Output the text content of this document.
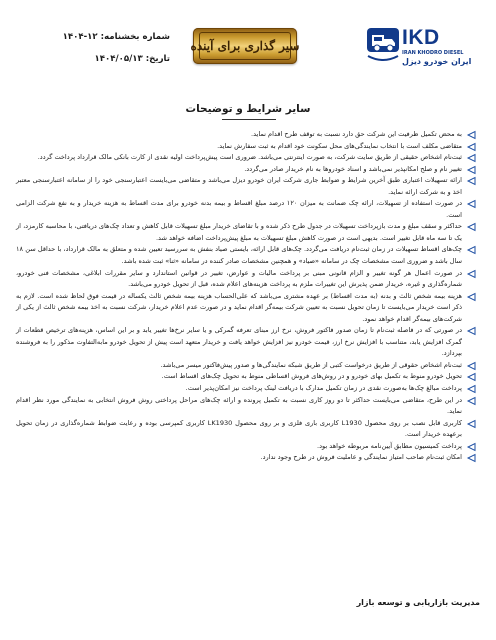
شماره بخشنامه: ۱۲-۱۴۰۴
تاریخ: ۱۴۰۴/۰۵/۱۳
سیر گذاری برای آینده	IKD
IRAN KHODRO DIESEL
ایران خودرو دیزل
سایر شرایط و توضیحات
به محض تکمیل ظرفیت این شرکت حق دارد نسبت به توقف طرح اقدام نماید.
متقاضی مکلف است با انتخاب نمایندگی‌های محل سکونت خود اقدام به ثبت سفارش نماید.
ثبت‌نام اشخاص حقیقی از طریق سایت شرکت، به صورت اینترنتی می‌باشد. ضروری است پیش‌پرداخت اولیه نقدی از کارت بانکی مالک قرارداد پرداخت گردد.
تغییر نام و صلح امکانپذیر نمی‌باشد و اسناد خودروها به نام خریدار صادر می‌گردد.
ارائه تسهیلات اعتباری طبق آخرین شرایط و ضوابط جاری شرکت ایران خودرو دیزل می‌باشد و متقاضی می‌بایست اعتبارسنجی خود را از سامانه اعتبارسنجی معتبر اخذ و به شرکت ارائه نماید.
در صورت استفاده از تسهیلات، ارائه چک ضمانت به میزان ۱۲۰ درصد مبلغ اقساط و بیمه بدنه خودرو برای مدت اقساط به هزینه خریدار و به نفع شرکت الزامی است.
حداکثر و سقف مبلغ و مدت بازپرداخت تسهیلات در جدول طرح ذکر شده و با تقاضای خریدار مبلغ تسهیلات قابل کاهش و تعداد چک‌های دریافتی، با محاسبه کارمزد، از یک تا سه ماه قابل تغییر است. بدیهی است در صورت کاهش مبلغ تسهیلات به مبلغ پیش‌پرداخت اضافه خواهد شد.
چک‌های اقساط تسهیلات در زمان ثبت‌نام دریافت می‌گردد. چک‌های قابل ارائه، بایستی صیاد بنفش به سررسید تعیین شده و متعلق به مالک قرارداد، با حداقل سن ۱۸ سال باشد و ضروری است مشخصات چک در سامانه «صیاد» و همچنین مشخصات صادر کننده در سامانه «ثنا» ثبت شده باشد.
در صورت اعمال هر گونه تغییر و الزام قانونی مبنی بر پرداخت مالیات و عوارض، تغییر در قوانین استاندارد و سایر مقررات ابلاغی، مشخصات فنی خودرو، شماره‌گذاری و غیره، خریدار ضمن پذیرش این تغییرات ملزم به پرداخت هزینه‌های اعلام شده، قبل از تحویل خودرو می‌باشد.
هزینه بیمه شخص ثالث و بدنه (به مدت اقساط) بر عهده مشتری می‌باشد که علی‌الحساب هزینه بیمه شخص ثالث یکساله در قیمت فوق لحاظ شده است. لازم به ذکر است خریدار می‌بایست تا زمان تحویل نسبت به تعیین شرکت بیمه‌گر اقدام نماید و در صورت عدم اعلام خریدار، شرکت نسبت به اخذ بیمه شخص ثالث از یکی از شرکت‌های بیمه‌گر اقدام خواهد نمود.
در صورتی که در فاصله ثبت‌نام تا زمان صدور فاکتور فروش، نرخ ارز مبنای تعرفه گمرکی و یا سایر نرخ‌ها تغییر یابد و بر این اساس، هزینه‌های ترخیص قطعات از گمرک افزایش یابد، متناسب با افزایش نرخ ارز، قیمت خودرو نیز افزایش خواهد یافت و خریدار متعهد است پیش از تحویل خودرو مابه‌التفاوت مذکور را به فروشنده بپردازد.
ثبت‌نام اشخاص حقوقی از طریق درخواست کتبی از طریق شبکه نمایندگی‌ها و صدور پیش‌فاکتور میسر می‌باشد.
تحویل خودرو منوط به تکمیل بهای خودرو و در روش‌های فروش اقساطی منوط به تحویل چک‌های اقساط است.
پرداخت مبالغ چک‌ها به‌صورت نقدی در زمان تکمیل مدارک با دریافت لینک پرداخت نیز امکان‌پذیر است.
در این طرح، متقاضی می‌بایست حداکثر تا دو روز کاری نسبت به تکمیل پرونده و ارائه چک‌های مراحل پرداختی روش فروش انتخابی به نمایندگی مورد نظر اقدام نماید.
کاربری قابل نصب بر روی محصول L1930 کاربری باری فلزی و بر روی محصول LK1930 کاربری کمپرسی بوده و رعایت ضوابط شماره‌گذاری در زمان تحویل برعهده خریدار است.
پرداخت کمیسیون مطابق آیین‌نامه مربوطه خواهد بود.
امکان ثبت‌نام صاحب امتیاز نمایندگی و عاملیت فروش در طرح وجود ندارد.
مدیریت بازاریابی و توسعه بازار
